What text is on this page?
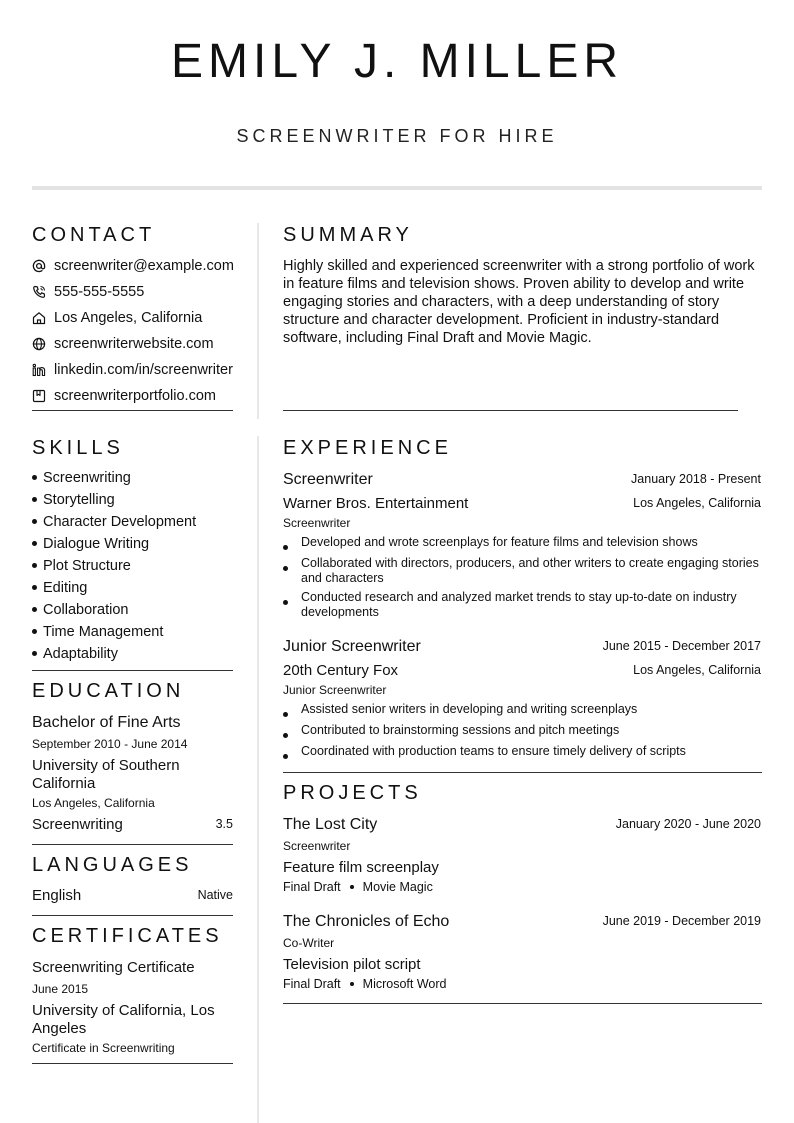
EMILY J. MILLER
SCREENWRITER FOR HIRE
CONTACT
screenwriter@example.com
555-555-5555
Los Angeles, California
screenwriterwebsite.com
linkedin.com/in/screenwriter
screenwriterportfolio.com
SUMMARY
Highly skilled and experienced screenwriter with a strong portfolio of work in feature films and television shows. Proven ability to develop and write engaging stories and characters, with a deep understanding of story structure and character development. Proficient in industry-standard software, including Final Draft and Movie Magic.
SKILLS
Screenwriting
Storytelling
Character Development
Dialogue Writing
Plot Structure
Editing
Collaboration
Time Management
Adaptability
EDUCATION
Bachelor of Fine Arts
September 2010 - June 2014
University of Southern California
Los Angeles, California
Screenwriting	3.5
LANGUAGES
English	Native
CERTIFICATES
Screenwriting Certificate
June 2015
University of California, Los Angeles
Certificate in Screenwriting
EXPERIENCE
Screenwriter	January 2018 - Present
Warner Bros. Entertainment	Los Angeles, California
Screenwriter
Developed and wrote screenplays for feature films and television shows
Collaborated with directors, producers, and other writers to create engaging stories and characters
Conducted research and analyzed market trends to stay up-to-date on industry developments
Junior Screenwriter	June 2015 - December 2017
20th Century Fox	Los Angeles, California
Junior Screenwriter
Assisted senior writers in developing and writing screenplays
Contributed to brainstorming sessions and pitch meetings
Coordinated with production teams to ensure timely delivery of scripts
PROJECTS
The Lost City	January 2020 - June 2020
Screenwriter
Feature film screenplay
Final Draft Movie Magic
The Chronicles of Echo	June 2019 - December 2019
Co-Writer
Television pilot script
Final Draft Microsoft Word
